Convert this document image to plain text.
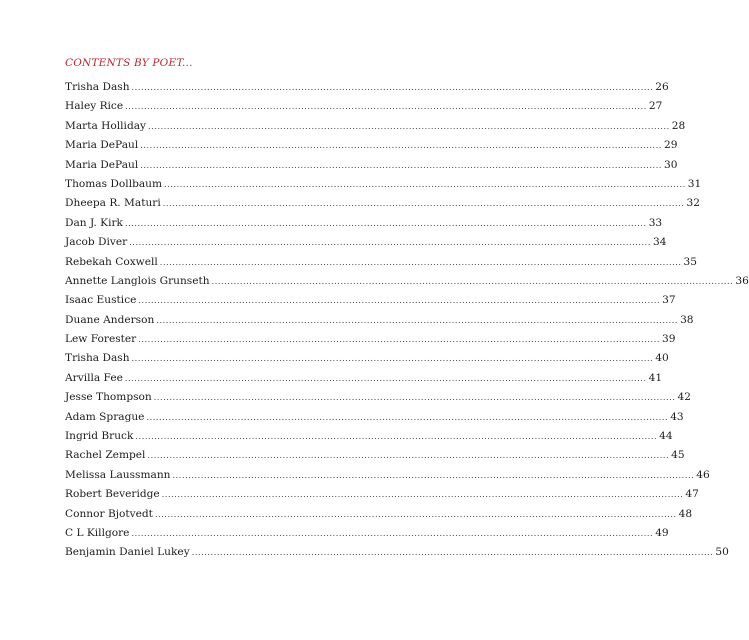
CONTENTS BY POET...
Trisha Dash ...................................................................................................................................................................... 26
Haley Rice ...................................................................................................................................................................... 27
Marta Holliday ...................................................................................................................................................................... 28
Maria DePaul ...................................................................................................................................................................... 29
Maria DePaul ...................................................................................................................................................................... 30
Thomas Dollbaum ...................................................................................................................................................................... 31
Dheepa R. Maturi ...................................................................................................................................................................... 32
Dan J. Kirk ...................................................................................................................................................................... 33
Jacob Diver ...................................................................................................................................................................... 34
Rebekah Coxwell ...................................................................................................................................................................... 35
Annette Langlois Grunseth ...................................................................................................................................................................... 36
Isaac Eustice ...................................................................................................................................................................... 37
Duane Anderson ...................................................................................................................................................................... 38
Lew Forester ...................................................................................................................................................................... 39
Trisha Dash ...................................................................................................................................................................... 40
Arvilla Fee ...................................................................................................................................................................... 41
Jesse Thompson ...................................................................................................................................................................... 42
Adam Sprague ...................................................................................................................................................................... 43
Ingrid Bruck ...................................................................................................................................................................... 44
Rachel Zempel ...................................................................................................................................................................... 45
Melissa Laussmann ...................................................................................................................................................................... 46
Robert Beveridge ...................................................................................................................................................................... 47
Connor Bjotvedt ...................................................................................................................................................................... 48
C L Killgore ...................................................................................................................................................................... 49
Benjamin Daniel Lukey ...................................................................................................................................................................... 50
